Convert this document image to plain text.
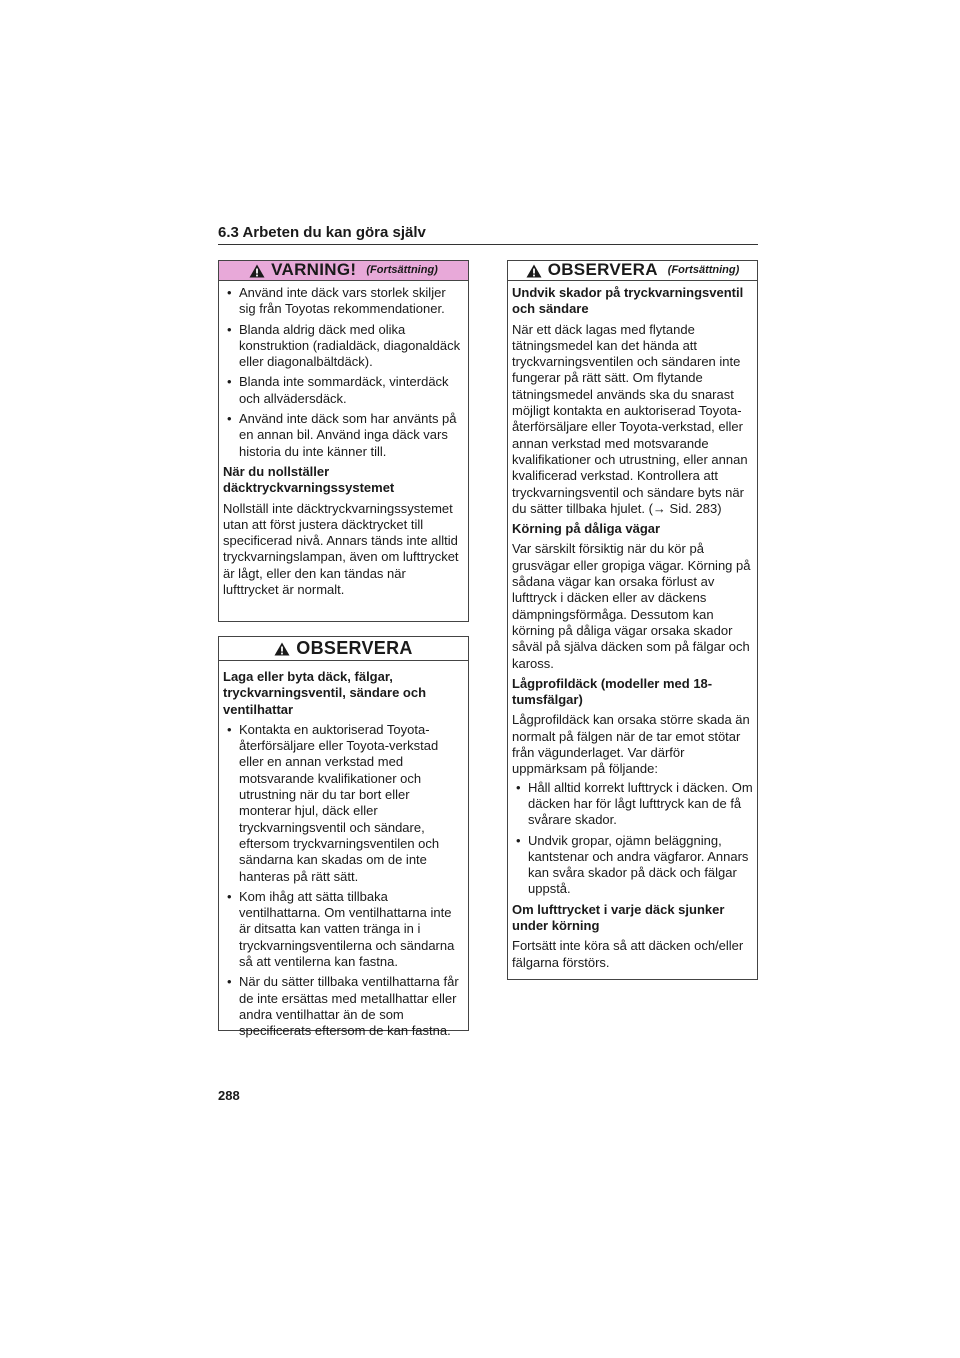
6.3 Arbeten du kan göra själv
VARNING! (Fortsättning)
• Använd inte däck vars storlek skiljer sig från Toyotas rekommendationer.
• Blanda aldrig däck med olika konstruktion (radialdäck, diagonaldäck eller diagonalbältdäck).
• Blanda inte sommardäck, vinterdäck och allvädersdäck.
• Använd inte däck som har använts på en annan bil. Använd inga däck vars historia du inte känner till.

När du nollställer däcktryckvarningssystemet

Nollställ inte däcktryckvarningssystemet utan att först justera däcktrycket till specificerad nivå. Annars tänds inte alltid tryckvarningslampan, även om lufttrycket är lågt, eller den kan tändas när lufttrycket är normalt.

OBSERVERA

Laga eller byta däck, fälgar, tryckvarningsventil, sändare och ventilhattar

• Kontakta en auktoriserad Toyota-återförsäljare eller Toyota-verkstad eller en annan verkstad med motsvarande kvalifikationer och utrustning när du tar bort eller monterar hjul, däck eller tryckvarningsventil och sändare, eftersom tryckvarningsventilen och sändarna kan skadas om de inte hanteras på rätt sätt.
• Kom ihåg att sätta tillbaka ventilhattarna. Om ventilhattarna inte är ditsatta kan vatten tränga in i tryckvarningsventilerna och sändarna så att ventilerna kan fastna.
• När du sätter tillbaka ventilhattarna får de inte ersättas med metallhattar eller andra ventilhattar än de som specificerats eftersom de kan fastna.
OBSERVERA (Fortsättning)

Undvik skador på tryckvarningsventil och sändare

När ett däck lagas med flytande tätningsmedel kan det hända att tryckvarningsventilen och sändaren inte fungerar på rätt sätt. Om flytande tätningsmedel används ska du snarast möjligt kontakta en auktoriserad Toyota-återförsäljare eller Toyota-verkstad, eller annan verkstad med motsvarande kvalifikationer och utrustning, eller annan kvalificerad verkstad. Kontrollera att tryckvarningsventil och sändare byts när du sätter tillbaka hjulet. (→ Sid. 283)

Körning på dåliga vägar

Var särskilt försiktig när du kör på grusvägar eller gropiga vägar. Körning på sådana vägar kan orsaka förlust av lufttryck i däcken eller av däckens dämpningsförmåga. Dessutom kan körning på dåliga vägar orsaka skador såväl på själva däcken som på fälgar och kaross.

Lågprofildäck (modeller med 18-tumsfälgar)

Lågprofildäck kan orsaka större skada än normalt på fälgen när de tar emot stötar från vägunderlaget. Var därför uppmärksam på följande:

• Håll alltid korrekt lufttryck i däcken. Om däcken har för lågt lufttryck kan de få svårare skador.
• Undvik gropar, ojämn beläggning, kantstenar och andra vägfaror. Annars kan svåra skador på däck och fälgar uppstå.

Om lufttrycket i varje däck sjunker under körning

Fortsätt inte köra så att däcken och/eller fälgarna förstörs.

288
